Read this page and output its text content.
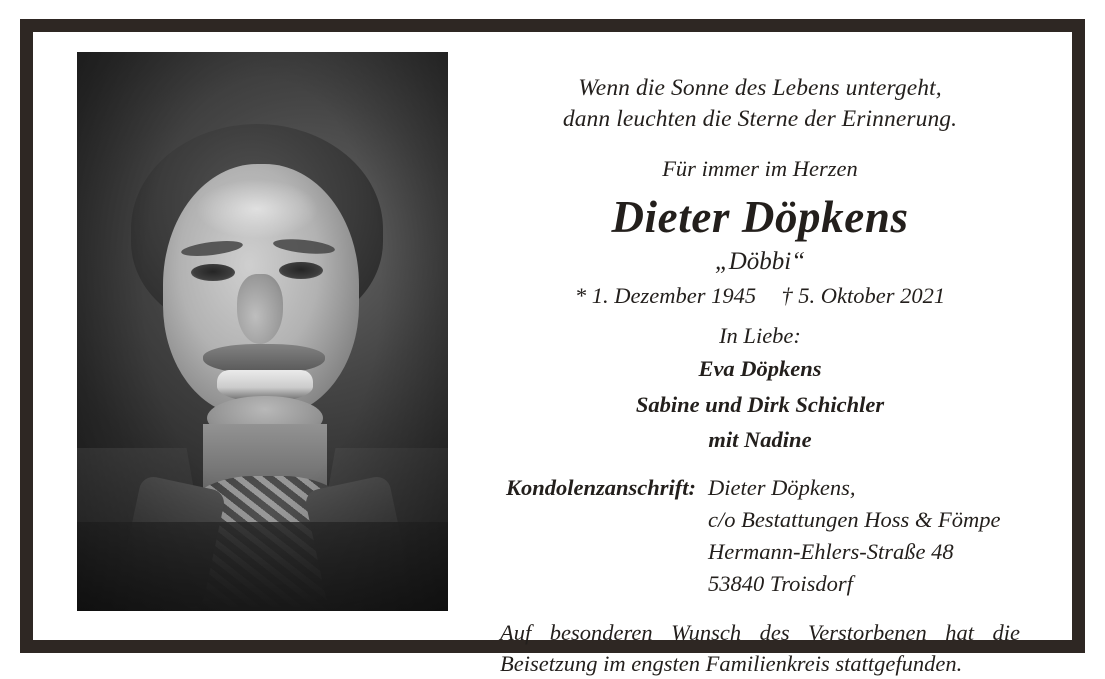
Wenn die Sonne des Lebens untergeht,
dann leuchten die Sterne der Erinnerung.
Für immer im Herzen
Dieter Döpkens
„Döbbi“
* 1. Dezember 1945 † 5. Oktober 2021
In Liebe:
Eva Döpkens
Sabine und Dirk Schichler
mit Nadine
Kondolenzanschrift: Dieter Döpkens,
c/o Bestattungen Hoss & Fömpe
Hermann-Ehlers-Straße 48
53840 Troisdorf
Auf besonderen Wunsch des Verstorbenen hat die
Beisetzung im engsten Familienkreis stattgefunden.
